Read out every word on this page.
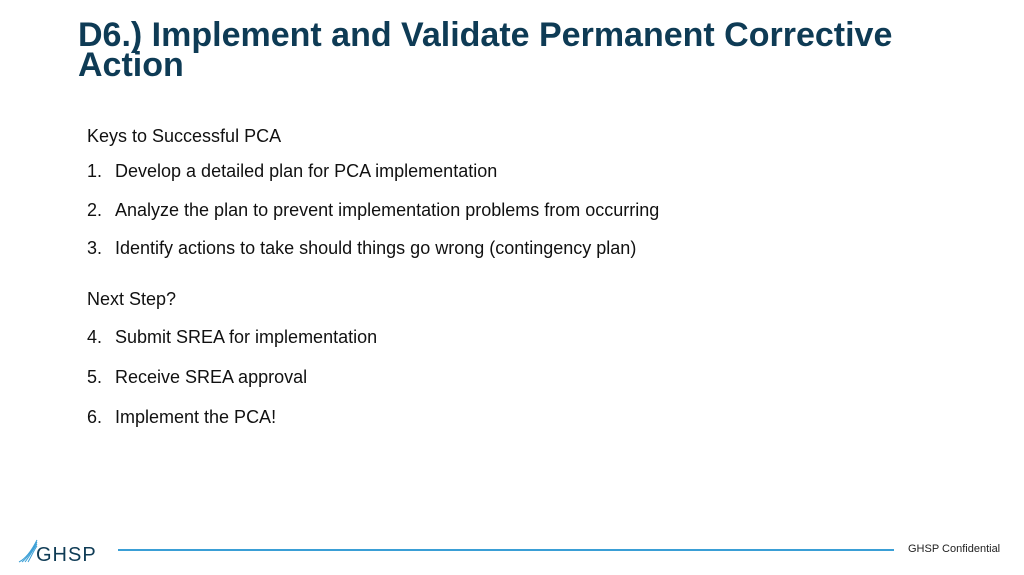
D6.) Implement and Validate Permanent Corrective Action
Keys to Successful PCA
1. Develop a detailed plan for PCA implementation
2. Analyze the plan to prevent implementation problems from occurring
3. Identify actions to take should things go wrong (contingency plan)
Next Step?
4. Submit SREA for implementation
5. Receive SREA approval
6. Implement the PCA!
GHSP	GHSP Confidential
